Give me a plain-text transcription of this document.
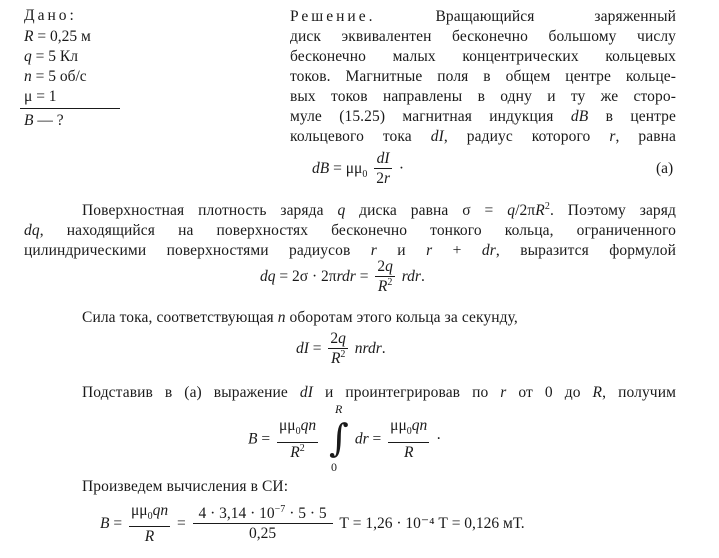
Дано:
R = 0,25 м
q = 5 Кл
n = 5 об/с
μ = 1
B — ?
Решение.	Вращающийся заряженный
диск эквивалентен бесконечно большому числу
бесконечно малых концентрических кольцевых
токов. Магнитные поля в общем центре кольце-
вых токов направлены в одну и ту же сторо-
муле (15.25) магнитная индукция dB в центре
кольцевого тока dI, радиус которого r, равна
dB = $\mu\mu_0 \frac{dI}{2r}$ ·	(а)
Поверхностная плотность заряда q диска равна $\sigma = q/2\pi R^2$. Поэтому заряд
dq, находящийся на поверхностях бесконечно тонкого кольца, ограниченного
цилиндрическими поверхностями радиусов r и r + dr, выразится формулой
dq = $2\sigma \cdot 2\pi rdr = \frac{2q}{R^2}$ rdr.
Сила тока, соответствующая n оборотам этого кольца за секунду,
dI = $\frac{2q}{R^2}$ nrdr.
Подставив в (а) выражение dI и проинтегрировав по r от 0 до R, получим
$B = \frac{\mu\mu_0qn}{R^2}$
∫
R
0
dr = $\frac{\mu\mu_0qn}{R}$ ·
Произведем вычисления в СИ:
$B = \frac{\mu\mu_0qn}{R} = \frac{4 \cdot 3,14 \cdot 10^{-7} \cdot 5 \cdot 5}{0,25}$ Т = 1,26 · 10⁻⁴ Т = 0,126 мТ.
